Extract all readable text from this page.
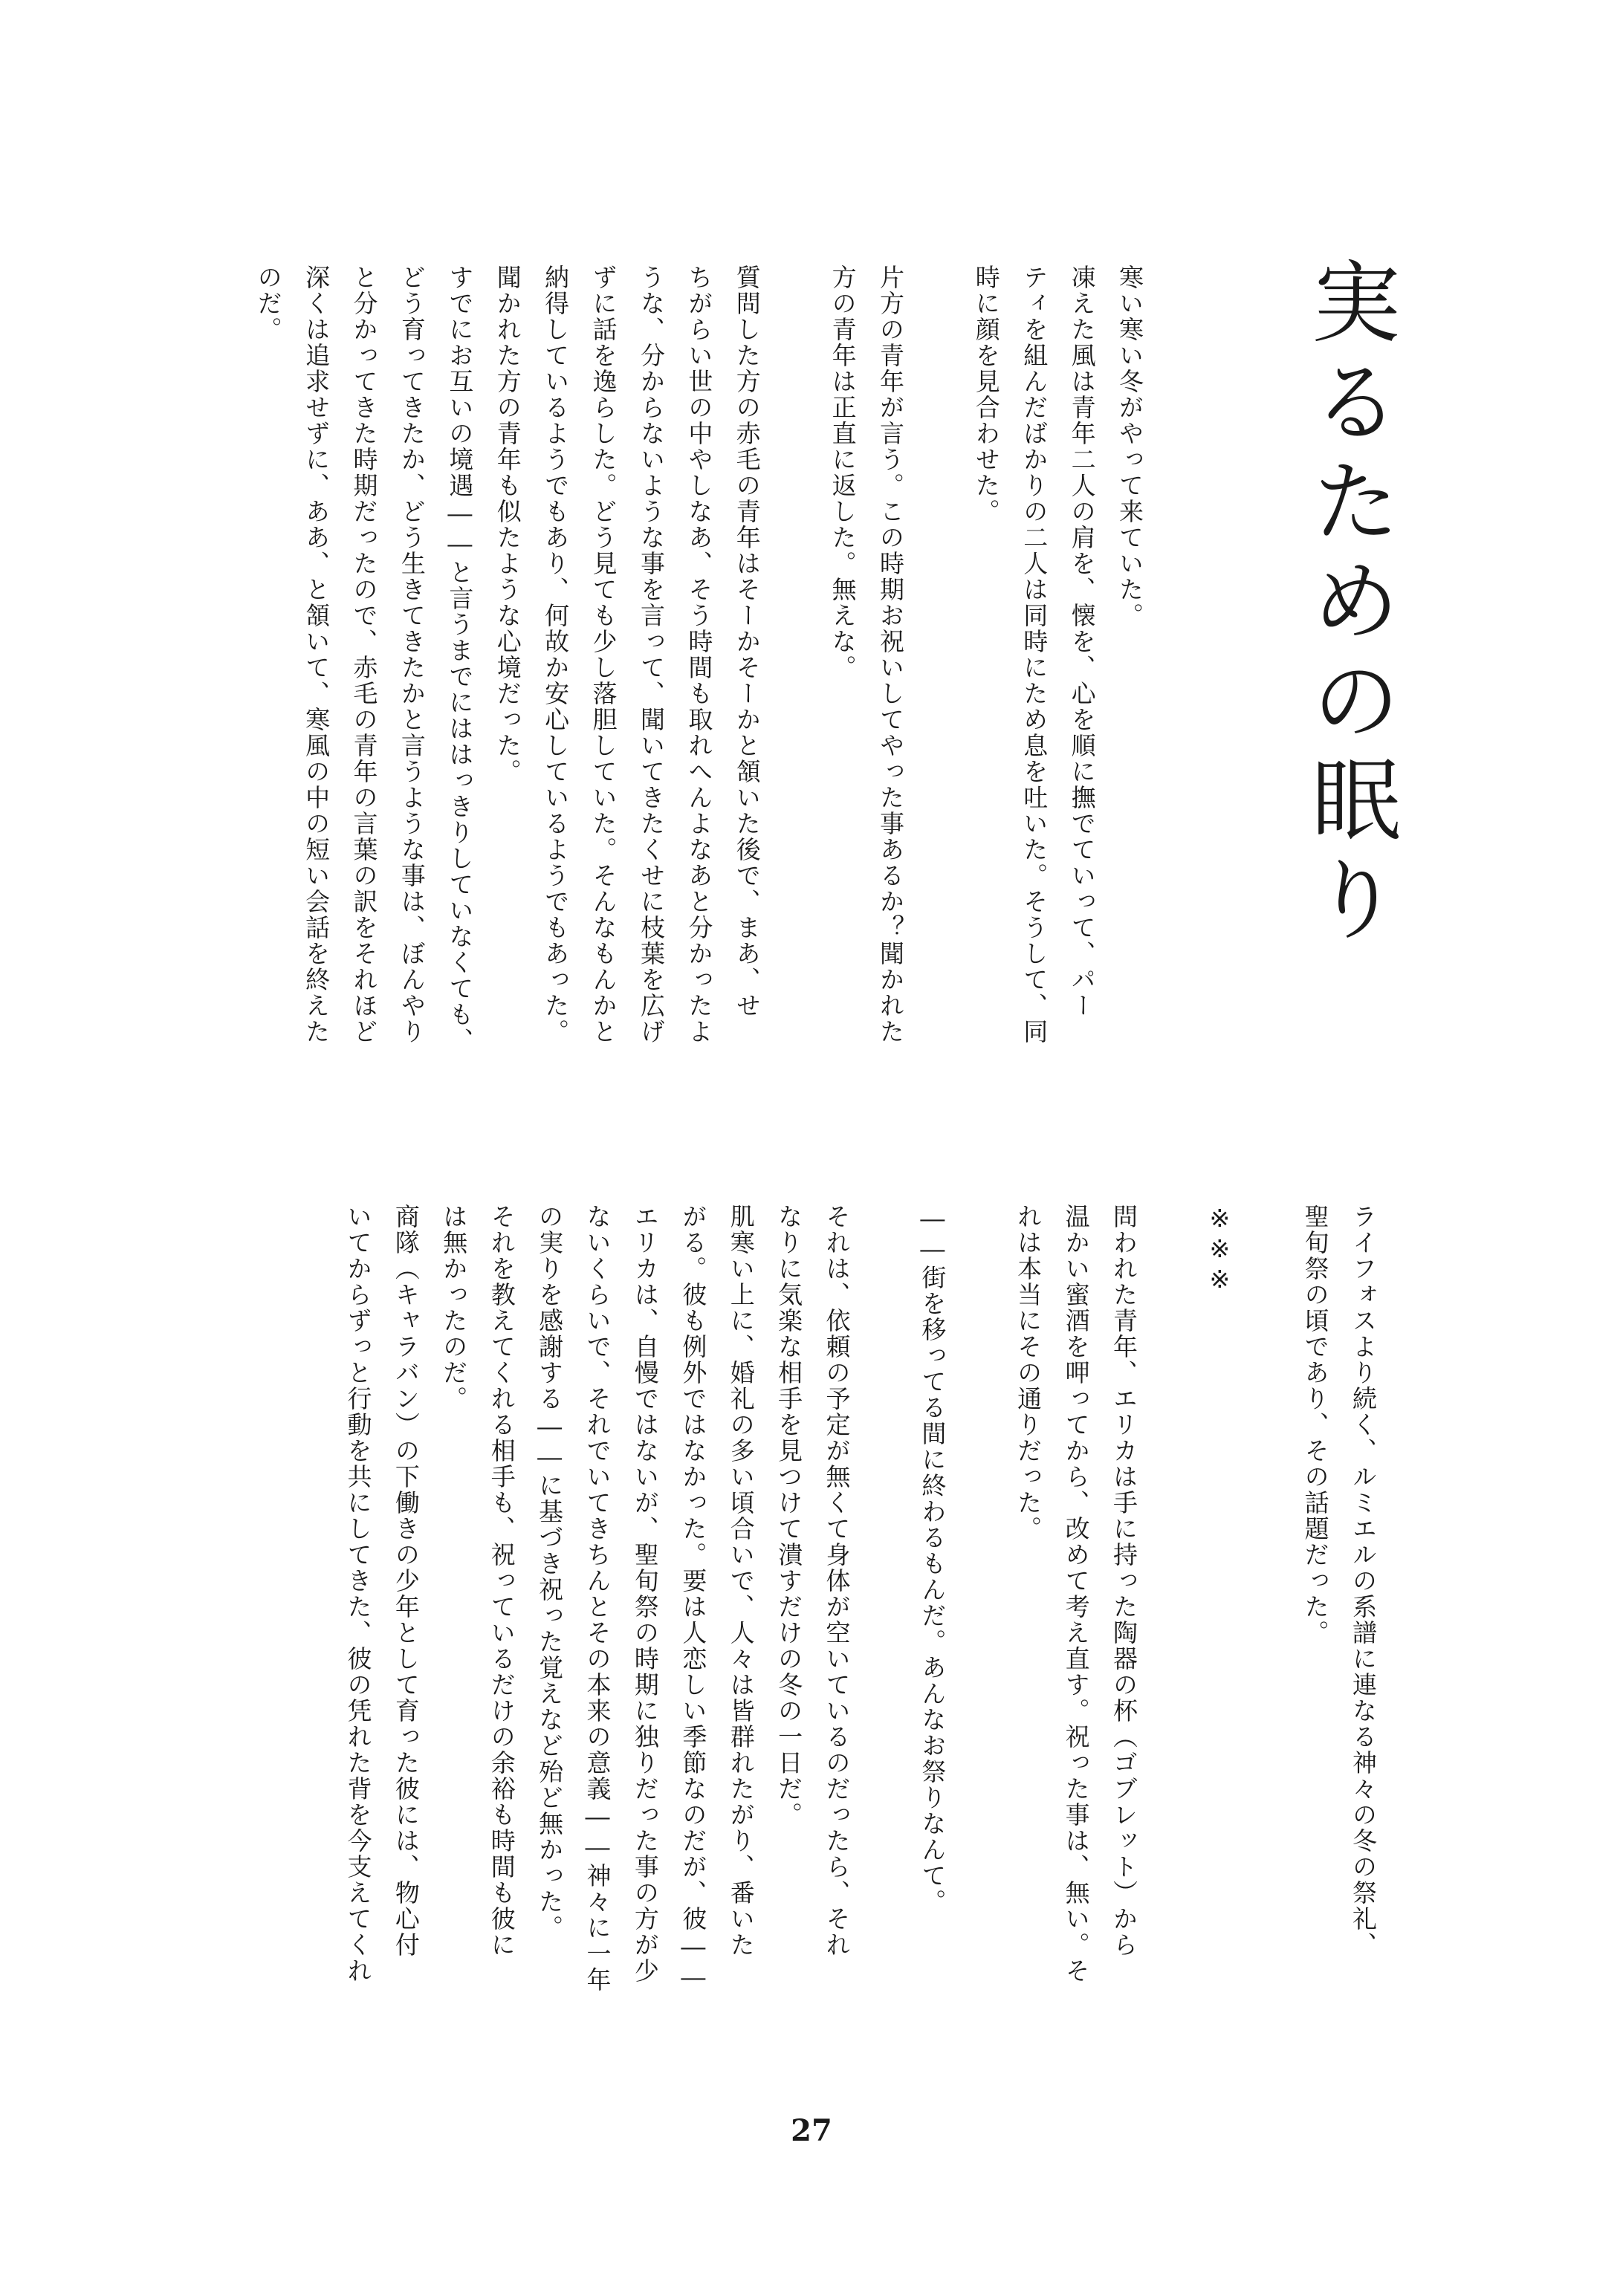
実るための眠り

寒い寒い冬がやって来ていた。

凍えた風は青年二人の肩を、懐を、心を順に撫でていって、パー

ティを組んだばかりの二人は同時にため息を吐いた。そうして、同

時に顔を見合わせた。

片方の青年が言う。この時期お祝いしてやった事あるか？聞かれた

方の青年は正直に返した。無えな。

質問した方の赤毛の青年はそーかそーかと頷いた後で、まあ、せ

ちがらい世の中やしなあ、そう時間も取れへんよなあと分かったよ

うな、分からないような事を言って、聞いてきたくせに枝葉を広げ

ずに話を逸らした。どう見ても少し落胆していた。そんなもんかと

納得しているようでもあり、何故か安心しているようでもあった。

聞かれた方の青年も似たような心境だった。

すでにお互いの境遇――と言うまでにははっきりしていなくても、

どう育ってきたか、どう生きてきたかと言うような事は、ぼんやり

と分かってきた時期だったので、赤毛の青年の言葉の訳をそれほど

深くは追求せずに、ああ、と頷いて、寒風の中の短い会話を終えた

のだ。

ライフォスより続く、ルミエルの系譜に連なる神々の冬の祭礼、

聖旬祭の頃であり、その話題だった。

※※※

問われた青年、エリカは手に持った陶器の杯（ゴブレット）から

温かい蜜酒を呷ってから、改めて考え直す。祝った事は、無い。そ

れは本当にその通りだった。

――街を移ってる間に終わるもんだ。あんなお祭りなんて。

それは、依頼の予定が無くて身体が空いているのだったら、それ

なりに気楽な相手を見つけて潰すだけの冬の一日だ。

肌寒い上に、婚礼の多い頃合いで、人々は皆群れたがり、番いた

がる。彼も例外ではなかった。要は人恋しい季節なのだが、彼――

エリカは、自慢ではないが、聖旬祭の時期に独りだった事の方が少

ないくらいで、それでいてきちんとその本来の意義――神々に一年

の実りを感謝する――に基づき祝った覚えなど殆ど無かった。

それを教えてくれる相手も、祝っているだけの余裕も時間も彼に

は無かったのだ。

商隊（キャラバン）の下働きの少年として育った彼には、物心付

いてからずっと行動を共にしてきた、彼の凭れた背を今支えてくれ

27
